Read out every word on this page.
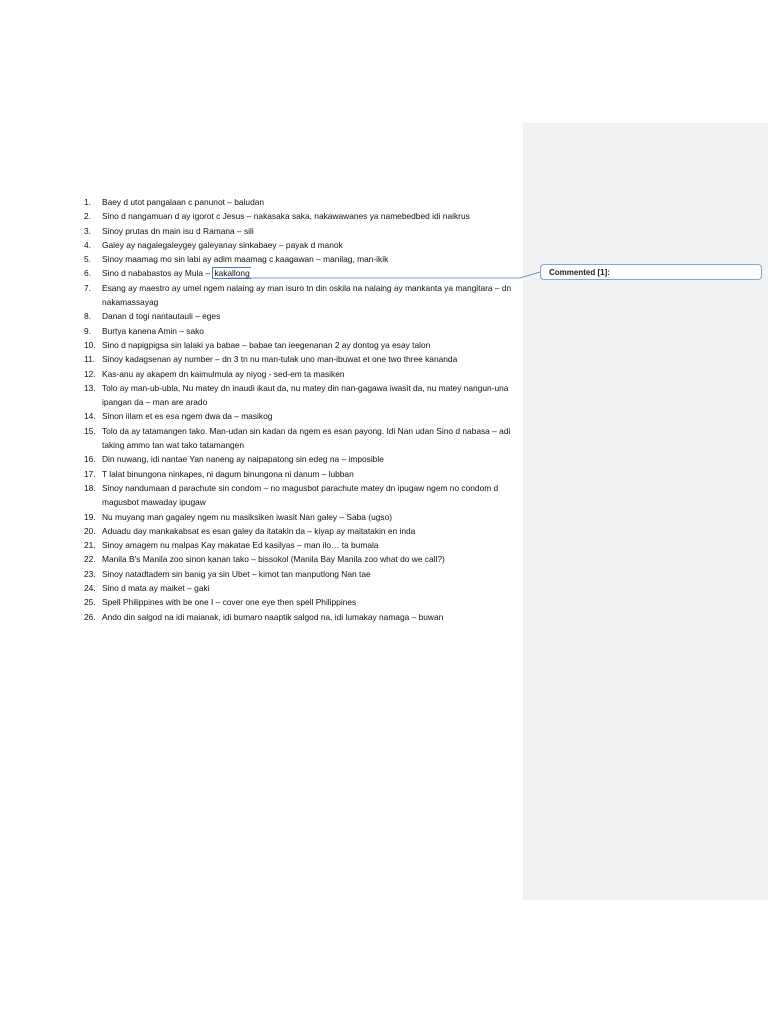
Commented [1]:
1.	Baey d utot pangalaan c panunot – baludan
2.	Sino d nangamuan d ay igorot c Jesus – nakasaka saka, nakawawanes ya namebedbed idi naikrus
3.	Sinoy prutas dn main isu d Ramana – sili
4.	Galey ay nagalegaleygey galeyanay sinkabaey – payak d manok
5.	Sinoy maamag mo sin labi ay adim maamag c kaagawan – manilag, man-ikik
6.	Sino d nababastos ay Mula – kakallong
7.	Esang ay maestro ay umel ngem nalaing ay man isuro tn din oskila na nalaing ay mankanta ya mangitara – dn nakamassayag
8.	Danan d togi nantautauli – eges
9.	Burtya kanena Amin – sako
10. Sino d napigpigsa sin lalaki ya babae – babae tan ieegenanan 2 ay dontog ya esay talon
11. Sinoy kadagsenan ay number – dn 3 tn nu man-tulak uno man-ibuwat et one two three kananda
12. Kas-anu ay akapem dn kaimulmula ay niyog - sed-em ta masiken
13. Tolo ay man-ub-ubla, Nu matey dn inaudi ikaut da, nu matey din nan-gagawa iwasit da, nu matey nangun-una ipangan da – man are arado
14. Sinon iilam et es esa ngem dwa da – masikog
15. Tolo da ay tatamangen tako. Man-udan sin kadan da ngem es esan payong. Idi Nan udan Sino d nabasa – adi taking ammo tan wat tako tatamangen
16. Din nuwang, idi nantae Yan naneng ay naipapatong sin edeg na – imposible
17. T lalat binungona ninkapes, ni dagum binungona ni danum – lubban
18. Sinoy nandumaan d parachute sin condom – no magusbot parachute matey dn ipugaw ngem no condom d magusbot mawaday ipugaw
19. Nu muyang man gagaley ngem nu masiksiken iwasit Nan galey – Saba (ugso)
20. Aduadu day mankakabsat es esan galey da itatakin da – kiyap ay maitatakin en inda
21. Sinoy amagem nu malpas Kay makatae Ed kasilyas – man ilo… ta bumala
22. Manila B's Manila zoo sinon kanan tako – bissokol (Manila Bay Manila zoo what do we call?)
23. Sinoy natadtadem sin banig ya sin Ubet – kimot tan manputlong Nan tae
24. Sino d mata ay maiket – gaki
25. Spell Philippines with be one I – cover one eye then spell Philippines
26. Ando din salgod na idi maianak, idi bumaro naaptik salgod na, idi lumakay namaga – buwan
